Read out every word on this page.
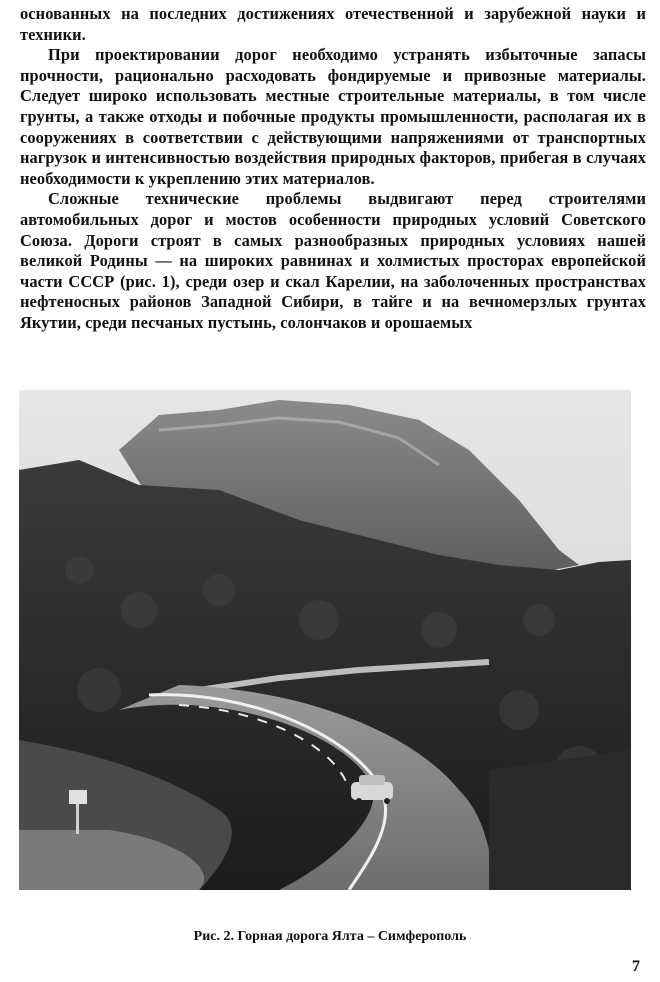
основанных на последних достижениях отечественной и зарубежной науки и техники.

При проектировании дорог необходимо устранять избыточные запасы прочности, рационально расходовать фондируемые и привозные материалы. Следует широко использовать местные строительные материалы, в том числе грунты, а также отходы и побочные продукты промышленности, располагая их в сооружениях в соответствии с действующими напряжениями от транспортных нагрузок и интенсивностью воздействия природных факторов, прибегая в случаях необходимости к укреплению этих материалов.

Сложные технические проблемы выдвигают перед строителями автомобильных дорог и мостов особенности природных условий Советского Союза. Дороги строят в самых разнообразных природных условиях нашей великой Родины — на широких равнинах и холмистых просторах европейской части СССР (рис. 1), среди озер и скал Карелии, на заболоченных пространствах нефтеносных районов Западной Сибири, в тайге и на вечномерзлых грунтах Якутии, среди песчаных пустынь, солончаков и орошаемых

Рис. 2. Горная дорога Ялта – Симферополь
7
